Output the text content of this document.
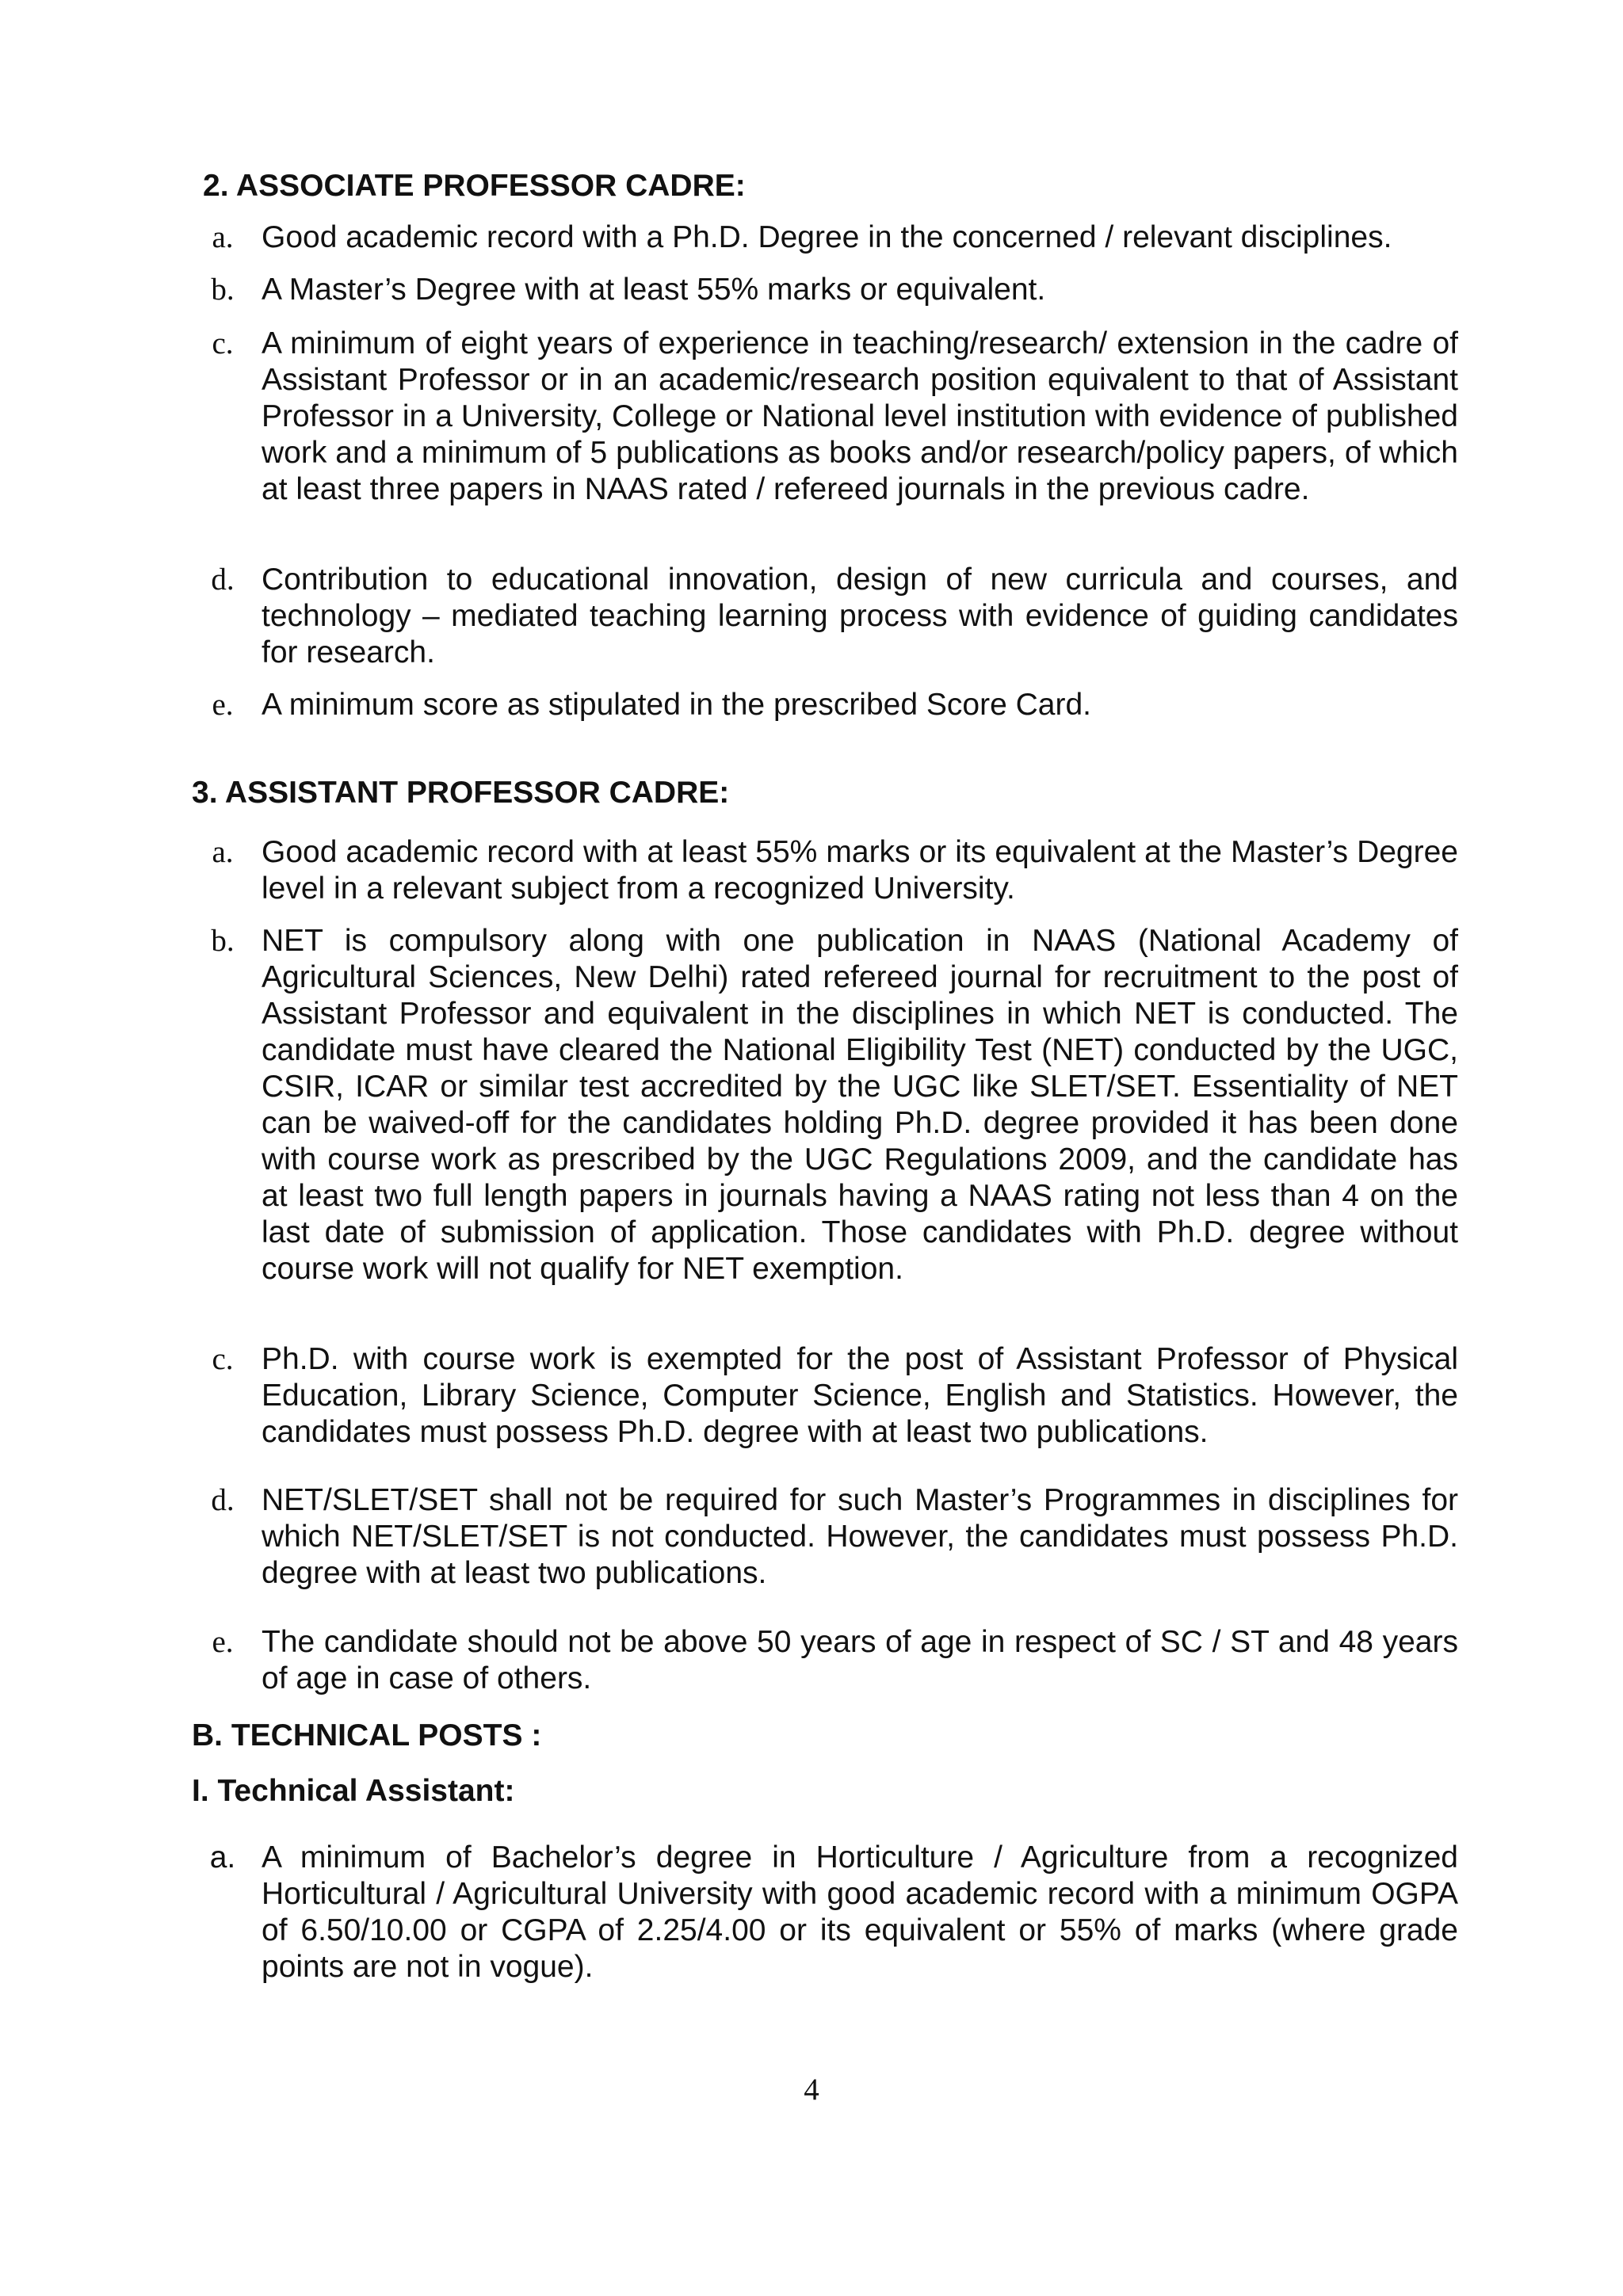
2. ASSOCIATE PROFESSOR CADRE:
a. Good academic record with a Ph.D. Degree in the concerned / relevant disciplines.

b. A Master’s Degree with at least 55% marks or equivalent.

c. A minimum of eight years of experience in teaching/research/ extension in the cadre of Assistant Professor or in an academic/research position equivalent to that of Assistant Professor in a University, College or National level institution with evidence of published work and a minimum of 5 publications as books and/or research/policy papers, of which at least three papers in NAAS rated / refereed journals in the previous cadre.

d. Contribution to educational innovation, design of new curricula and courses, and technology – mediated teaching learning process with evidence of guiding candidates for research.

e. A minimum score as stipulated in the prescribed Score Card.

3. ASSISTANT PROFESSOR CADRE:
a. Good academic record with at least 55% marks or its equivalent at the Master’s Degree level in a relevant subject from a recognized University.

b. NET is compulsory along with one publication in NAAS (National Academy of Agricultural Sciences, New Delhi) rated refereed journal for recruitment to the post of Assistant Professor and equivalent in the disciplines in which NET is conducted. The candidate must have cleared the National Eligibility Test (NET) conducted by the UGC, CSIR, ICAR or similar test accredited by the UGC like SLET/SET. Essentiality of NET can be waived-off for the candidates holding Ph.D. degree provided it has been done with course work as prescribed by the UGC Regulations 2009, and the candidate has at least two full length papers in journals having a NAAS rating not less than 4 on the last date of submission of application. Those candidates with Ph.D. degree without course work will not qualify for NET exemption.

c. Ph.D. with course work is exempted for the post of Assistant Professor of Physical Education, Library Science, Computer Science, English and Statistics. However, the candidates must possess Ph.D. degree with at least two publications.

d. NET/SLET/SET shall not be required for such Master’s Programmes in disciplines for which NET/SLET/SET is not conducted. However, the candidates must possess Ph.D. degree with at least two publications.

e. The candidate should not be above 50 years of age in respect of SC / ST and 48 years of age in case of others.

B. TECHNICAL POSTS :
I. Technical Assistant:
a. A minimum of Bachelor’s degree in Horticulture / Agriculture from a recognized Horticultural / Agricultural University with good academic record with a minimum OGPA of 6.50/10.00 or CGPA of 2.25/4.00 or its equivalent or 55% of marks (where grade points are not in vogue).

4
